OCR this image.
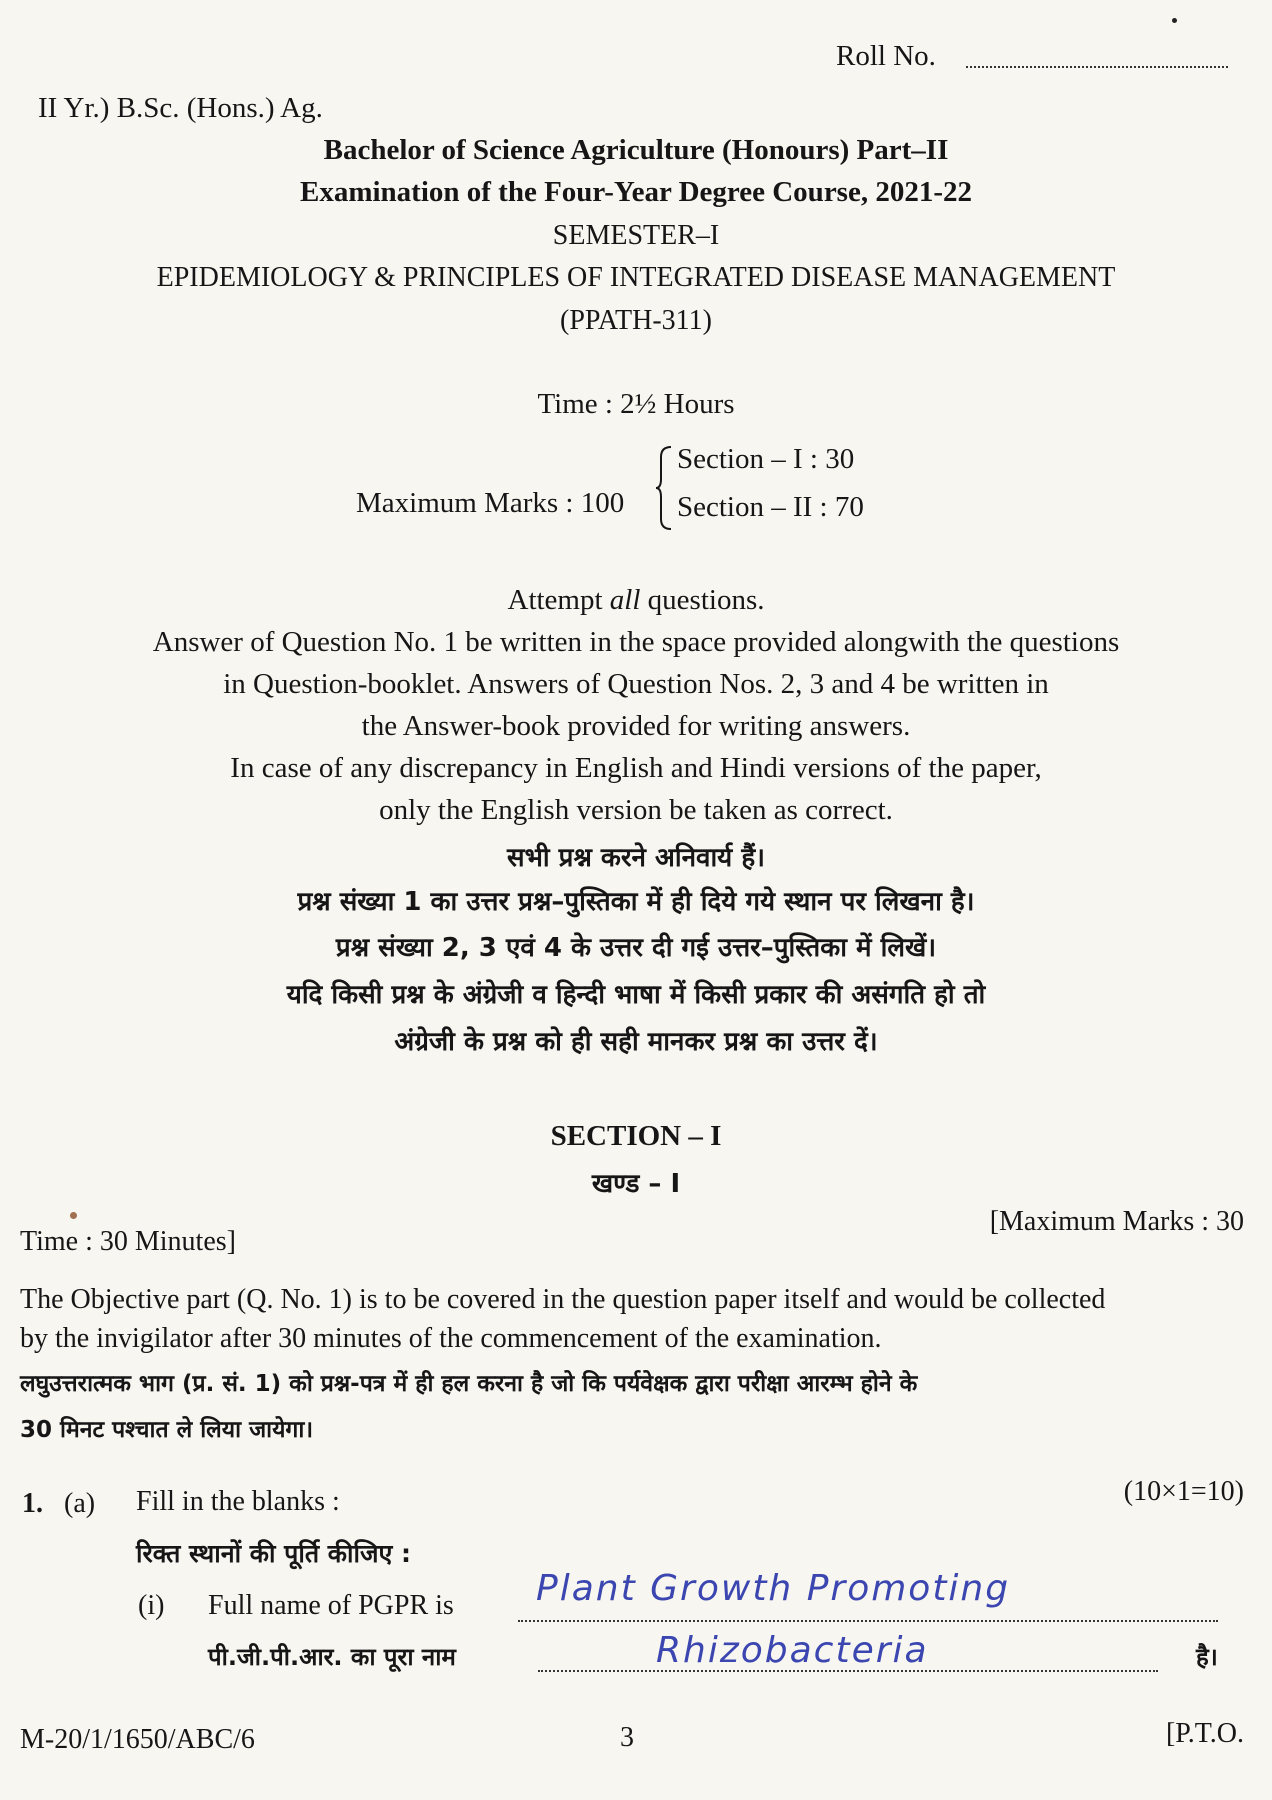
Roll No.
II Yr.) B.Sc. (Hons.) Ag.
Bachelor of Science Agriculture (Honours) Part–II
Examination of the Four-Year Degree Course, 2021-22
SEMESTER–I
EPIDEMIOLOGY & PRINCIPLES OF INTEGRATED DISEASE MANAGEMENT
(PPATH-311)
Time : 2½ Hours
Maximum Marks : 100
Section – I : 30
Section – II : 70
Attempt all questions.
Answer of Question No. 1 be written in the space provided alongwith the questions
in Question-booklet. Answers of Question Nos. 2, 3 and 4 be written in
the Answer-book provided for writing answers.
In case of any discrepancy in English and Hindi versions of the paper,
only the English version be taken as correct.
सभी प्रश्न करने अनिवार्य हैं।
प्रश्न संख्या 1 का उत्तर प्रश्न–पुस्तिका में ही दिये गये स्थान पर लिखना है।
प्रश्न संख्या 2, 3 एवं 4 के उत्तर दी गई उत्तर–पुस्तिका में लिखें।
यदि किसी प्रश्न के अंग्रेजी व हिन्दी भाषा में किसी प्रकार की असंगति हो तो
अंग्रेजी के प्रश्न को ही सही मानकर प्रश्न का उत्तर दें।
SECTION – I
खण्ड – I
Time : 30 Minutes]
[Maximum Marks : 30
The Objective part (Q. No. 1) is to be covered in the question paper itself and would be collected
by the invigilator after 30 minutes of the commencement of the examination.
लघुउत्तरात्मक भाग (प्र. सं. 1) को प्रश्न-पत्र में ही हल करना है जो कि पर्यवेक्षक द्वारा परीक्षा आरम्भ होने के
30 मिनट पश्चात ले लिया जायेगा।
1. (a) Fill in the blanks :	(10×1=10)
रिक्त स्थानों की पूर्ति कीजिए :
(i) Full name of PGPR is Plant Growth Promoting
पी.जी.पी.आर. का पूरा नाम	Rhizobacteria	है।
M-20/1/1650/ABC/6	3	[P.T.O.
